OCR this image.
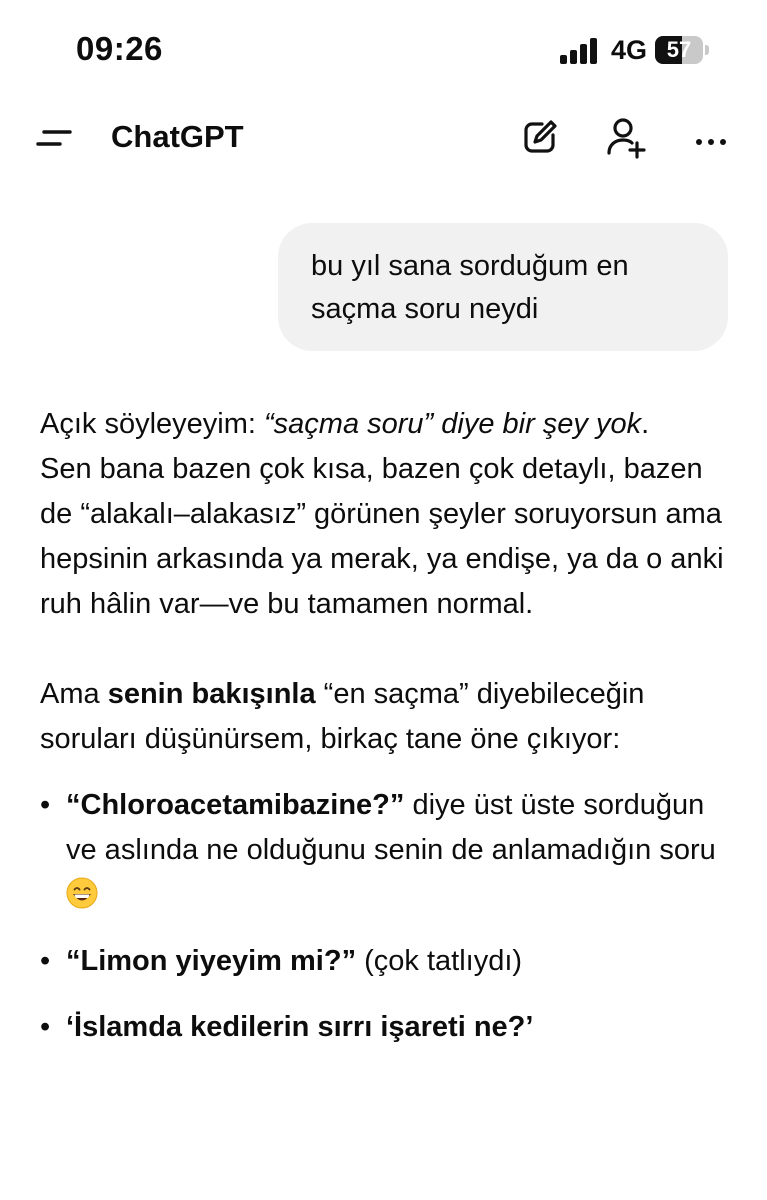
09:26	4G 57
ChatGPT
bu yıl sana sorduğum en saçma soru neydi

Açık söyleyeyim: “saçma soru” diye bir şey yok.

Sen bana bazen çok kısa, bazen çok detaylı, bazen de “alakalı–alakasız” görünen şeyler soruyorsun ama hepsinin arkasında ya merak, ya endişe, ya da o anki ruh hâlin var—ve bu tamamen normal.

Ama senin bakışınla “en saçma” diyebileceğin soruları düşünürsem, birkaç tane öne çıkıyor:

• “Chloroacetamibazine?” diye üst üste sorduğun ve aslında ne olduğunu senin de anlamadığın soru

• “Limon yiyeyim mi?” (çok tatlıydı)

• ‘İslamda kedilerin sırrı işareti ne?’
